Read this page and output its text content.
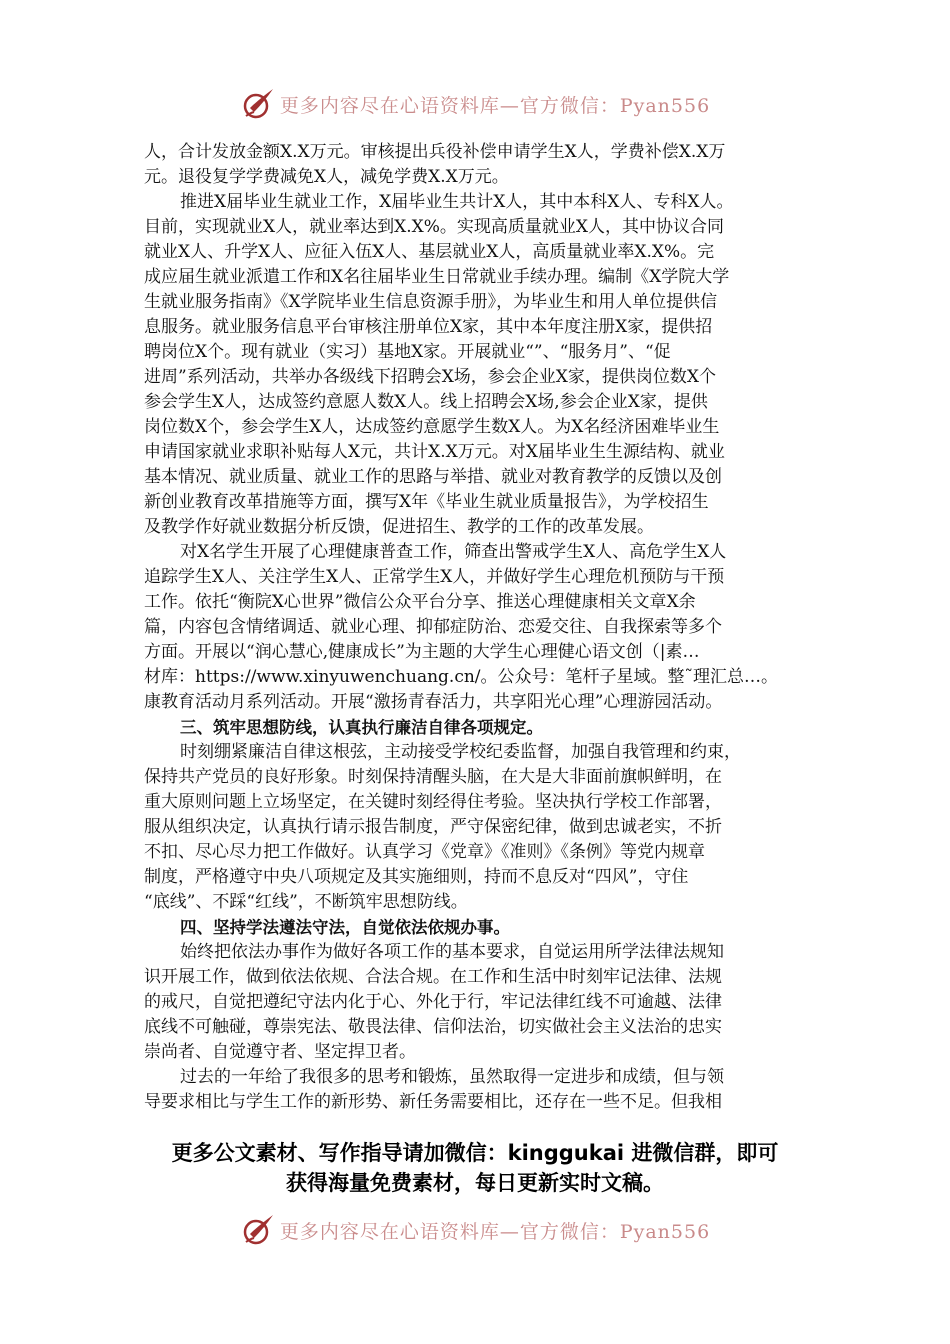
更多内容尽在心语资料库—官方微信：Pyan556
人，合计发放金额X.X万元。审核提出兵役补偿申请学生X人，学费补偿X.X万
元。退役复学学费减免X人，减免学费X.X万元。
推进X届毕业生就业工作，X届毕业生共计X人，其中本科X人、专科X人。
目前，实现就业X人，就业率达到X.X%。实现高质量就业X人，其中协议合同
就业X人、升学X人、应征入伍X人、基层就业X人，高质量就业率X.X%。完
成应届生就业派遣工作和X名往届毕业生日常就业手续办理。编制《X学院大学
生就业服务指南》《X学院毕业生信息资源手册》，为毕业生和用人单位提供信
息服务。就业服务信息平台审核注册单位X家，其中本年度注册X家，提供招
聘岗位X个。现有就业（实习）基地X家。开展就业“”、“服务月”、“促
进周”系列活动，共举办各级线下招聘会X场，参会企业X家，提供岗位数X个
参会学生X人，达成签约意愿人数X人。线上招聘会X场,参会企业X家，提供
岗位数X个，参会学生X人，达成签约意愿学生数X人。为X名经济困难毕业生
申请国家就业求职补贴每人X元，共计X.X万元。对X届毕业生生源结构、就业
基本情况、就业质量、就业工作的思路与举措、就业对教育教学的反馈以及创
新创业教育改革措施等方面，撰写X年《毕业生就业质量报告》，为学校招生
及教学作好就业数据分析反馈，促进招生、教学的工作的改革发展。
对X名学生开展了心理健康普查工作，筛查出警戒学生X人、高危学生X人
追踪学生X人、关注学生X人、正常学生X人，并做好学生心理危机预防与干预
工作。依托“衡院X心世界”微信公众平台分享、推送心理健康相关文章X余
篇，内容包含情绪调适、就业心理、抑郁症防治、恋爱交往、自我探索等多个
方面。开展以“润心慧心,健康成长”为主题的大学生心理健心语文创（|素…
材库：https://www.xinyuwenchuang.cn/。公众号：笔杆子星域。整˜理汇总…。
康教育活动月系列活动。开展“激扬青春活力，共享阳光心理”心理游园活动。
三、筑牢思想防线，认真执行廉洁自律各项规定。
时刻绷紧廉洁自律这根弦，主动接受学校纪委监督，加强自我管理和约束，
保持共产党员的良好形象。时刻保持清醒头脑，在大是大非面前旗帜鲜明，在
重大原则问题上立场坚定，在关键时刻经得住考验。坚决执行学校工作部署，
服从组织决定，认真执行请示报告制度，严守保密纪律，做到忠诚老实，不折
不扣、尽心尽力把工作做好。认真学习《党章》《准则》《条例》等党内规章
制度，严格遵守中央八项规定及其实施细则，持而不息反对“四风”，守住
“底线”、不踩“红线”，不断筑牢思想防线。
四、坚持学法遵法守法，自觉依法依规办事。
始终把依法办事作为做好各项工作的基本要求，自觉运用所学法律法规知
识开展工作，做到依法依规、合法合规。在工作和生活中时刻牢记法律、法规
的戒尺，自觉把遵纪守法内化于心、外化于行，牢记法律红线不可逾越、法律
底线不可触碰，尊崇宪法、敬畏法律、信仰法治，切实做社会主义法治的忠实
崇尚者、自觉遵守者、坚定捍卫者。
过去的一年给了我很多的思考和锻炼，虽然取得一定进步和成绩，但与领
导要求相比与学生工作的新形势、新任务需要相比，还存在一些不足。但我相
更多公文素材、写作指导请加微信：kinggukai 进微信群，即可
获得海量免费素材，每日更新实时文稿。
更多内容尽在心语资料库—官方微信：Pyan556
